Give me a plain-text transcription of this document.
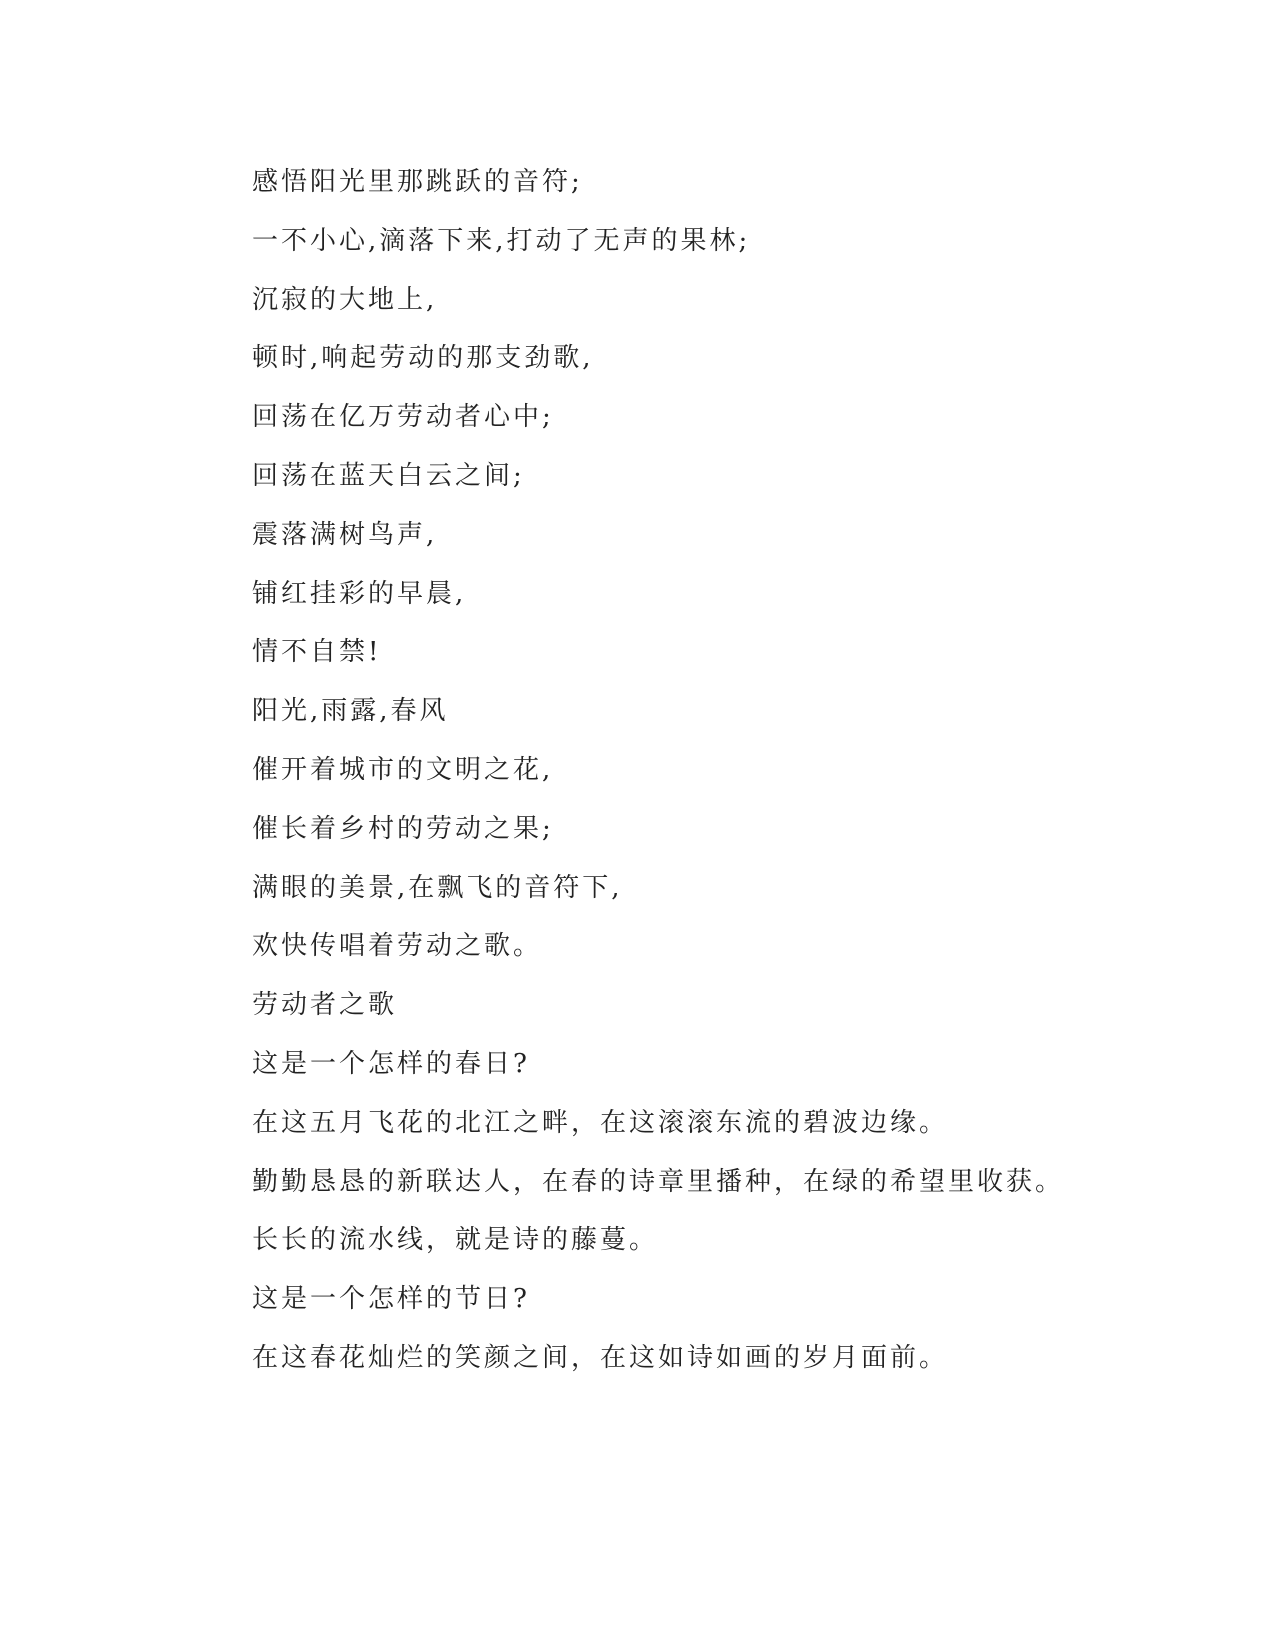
感悟阳光里那跳跃的音符;
一不小心,滴落下来,打动了无声的果林;
沉寂的大地上,
顿时,响起劳动的那支劲歌,
回荡在亿万劳动者心中;
回荡在蓝天白云之间;
震落满树鸟声,
铺红挂彩的早晨,
情不自禁!
阳光,雨露,春风
催开着城市的文明之花,
催长着乡村的劳动之果;
满眼的美景,在飘飞的音符下,
欢快传唱着劳动之歌。
劳动者之歌
这是一个怎样的春日?
在这五月飞花的北江之畔，在这滚滚东流的碧波边缘。
勤勤恳恳的新联达人，在春的诗章里播种，在绿的希望里收获。
长长的流水线，就是诗的藤蔓。
这是一个怎样的节日?
在这春花灿烂的笑颜之间，在这如诗如画的岁月面前。
